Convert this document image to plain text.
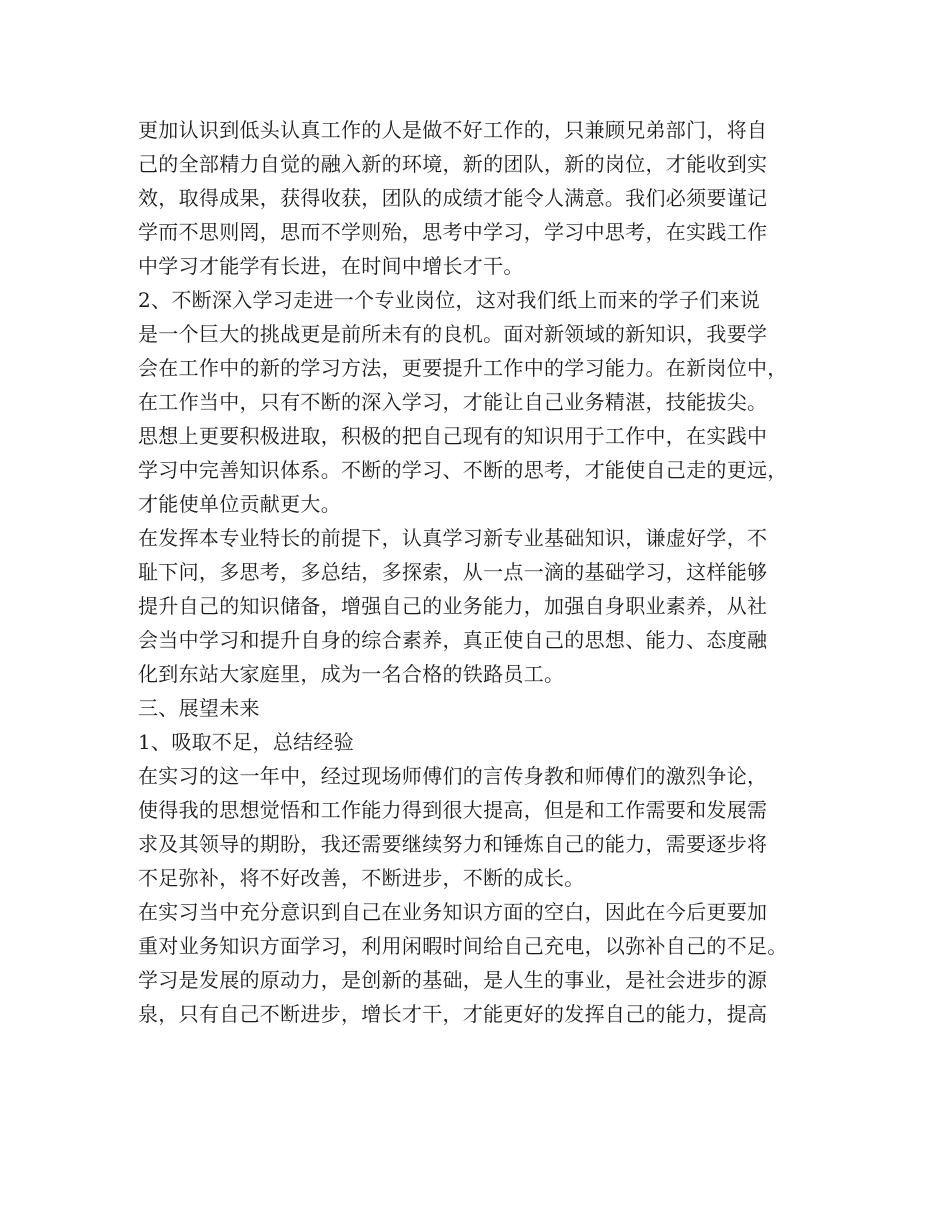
更加认识到低头认真工作的人是做不好工作的，只兼顾兄弟部门，将自
己的全部精力自觉的融入新的环境，新的团队，新的岗位，才能收到实
效，取得成果，获得收获，团队的成绩才能令人满意。我们必须要谨记
学而不思则罔，思而不学则殆，思考中学习，学习中思考，在实践工作
中学习才能学有长进，在时间中增长才干。
2、不断深入学习走进一个专业岗位，这对我们纸上而来的学子们来说
是一个巨大的挑战更是前所未有的良机。面对新领域的新知识，我要学
会在工作中的新的学习方法，更要提升工作中的学习能力。在新岗位中，
在工作当中，只有不断的深入学习，才能让自己业务精湛，技能拔尖。
思想上更要积极进取，积极的把自己现有的知识用于工作中，在实践中
学习中完善知识体系。不断的学习、不断的思考，才能使自己走的更远，
才能使单位贡献更大。
在发挥本专业特长的前提下，认真学习新专业基础知识，谦虚好学，不
耻下问，多思考，多总结，多探索，从一点一滴的基础学习，这样能够
提升自己的知识储备，增强自己的业务能力，加强自身职业素养，从社
会当中学习和提升自身的综合素养，真正使自己的思想、能力、态度融
化到东站大家庭里，成为一名合格的铁路员工。
三、展望未来
1、吸取不足，总结经验
在实习的这一年中，经过现场师傅们的言传身教和师傅们的激烈争论，
使得我的思想觉悟和工作能力得到很大提高，但是和工作需要和发展需
求及其领导的期盼，我还需要继续努力和锤炼自己的能力，需要逐步将
不足弥补，将不好改善，不断进步，不断的成长。
在实习当中充分意识到自己在业务知识方面的空白，因此在今后更要加
重对业务知识方面学习，利用闲暇时间给自己充电，以弥补自己的不足。
学习是发展的原动力，是创新的基础，是人生的事业，是社会进步的源
泉，只有自己不断进步，增长才干，才能更好的发挥自己的能力，提高
